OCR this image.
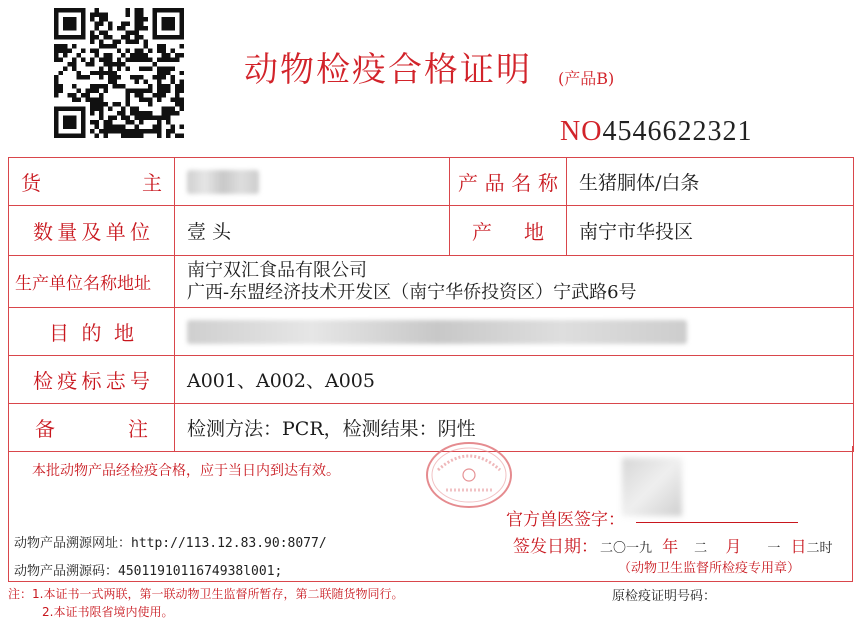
动物检疫合格证明 (产品B)
NO4546622321
货主		产品名称	生猪胴体/白条
数量及单位	壹 头	产地	南宁市华投区
生产单位名称地址	南宁双汇食品有限公司
广西-东盟经济技术开发区（南宁华侨投资区）宁武路6号		

目的地			
检疫标志号	A001、A002、A005		
备注	检测方法：PCR，检测结果：阴性		
本批动物产品经检疫合格，应于当日内到达有效。
官方兽医签字：
动物产品溯源网址：http://113.12.83.90:8077/	签发日期： 二〇一九 年 二 月 一 日二时
动物产品溯源码：4501191011674938l001;	（动物卫生监督所检疫专用章）
注：1.本证书一式两联，第一联动物卫生监督所暂存，第二联随货物同行。
2.本证书限省境内使用。
原检疫证明号码：
